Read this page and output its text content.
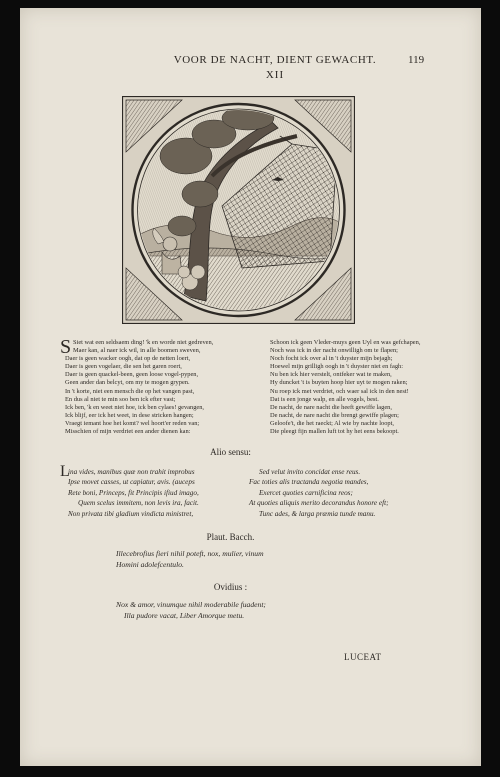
VOOR DE NACHT, DIENT GEWACHT.	119
XII
S Siet wat een seldsaem ding! 'k en worde niet gedreven,
Maer kan, al naer ick wil, in alle boomen sweven,
Daer is geen wacker oogh, dat op de netten loert,
Daer is geen vogelaer, die sen het garen roert,
Daer is geen quackel-been, geen loose vogel-pypen,
Geen ander dan belcyt, om my te mogen grypen.
In 't korte, niet een mensch die op het vangen past,
En dus al niet te min soo ben ick efter vast;
Ick ben, 'k en weet niet hoe, ick ben cylaes! gevangen,
Ick blijf, eer ick het weet, in dese stricken hangen;
Vraegt iemant hoe het komt? wel hoort'er reden van;
Misschien of mijn verdriet een ander dienen kan:
Schoon ick geen Vleder-muys geen Uyl en was gefchapen,
Noch was ick in der nacht onwilligh om te flapen;
Noch focht ick over al in 't duyster mijn bejagh;
Hoewel mijn grilligh oogh in 't duyster niet en fagh:
Nu ben ick hier verstelt, ontfeker wat te maken,
Hy duncket 't is buyten hoop hier uyt te mogen raken;
Nu roep ick met verdriet, och waer sal ick in den nest!
Dat is een jonge walp, en alle vogels, best.
De nacht, de nare nacht die heeft gewiffe lagen,
De nacht, de nare nacht die brengt gewiffe plagen;
Geloofe't, die het raeckt; Al wie by nachte loopt,
Die pleegt fijn mallen luft tot hy het eens bekoopt.
Alio sensu:
L
ina vides, manibus quæ non trahit improbus
Ipse movet casses, ut capiatur, avis. (auceps
Rete boni, Princeps, fit Principis ifiud imago,
Quem scelus immitem, non levis ira, facit.
Non privata tibi gladium vindicta ministret,
Sed velut invito concidat ense reus.
Fac toties alis tractanda negotia mandes,
Exercet quoties carnificina reos;
At quoties aliquis merito decorandus honore eft;
Tunc ades, & larga præmia tunde manu.
Plaut. Bacch.
Illecebrofius fieri nihil poteft, nox, mulier, vinum
Homini adolefcentulo.
Ovidius :
Nox & amor, vinumque nihil moderabile fuadent;
Illa pudore vacat, Liber Amorque metu.
LUCEAT
